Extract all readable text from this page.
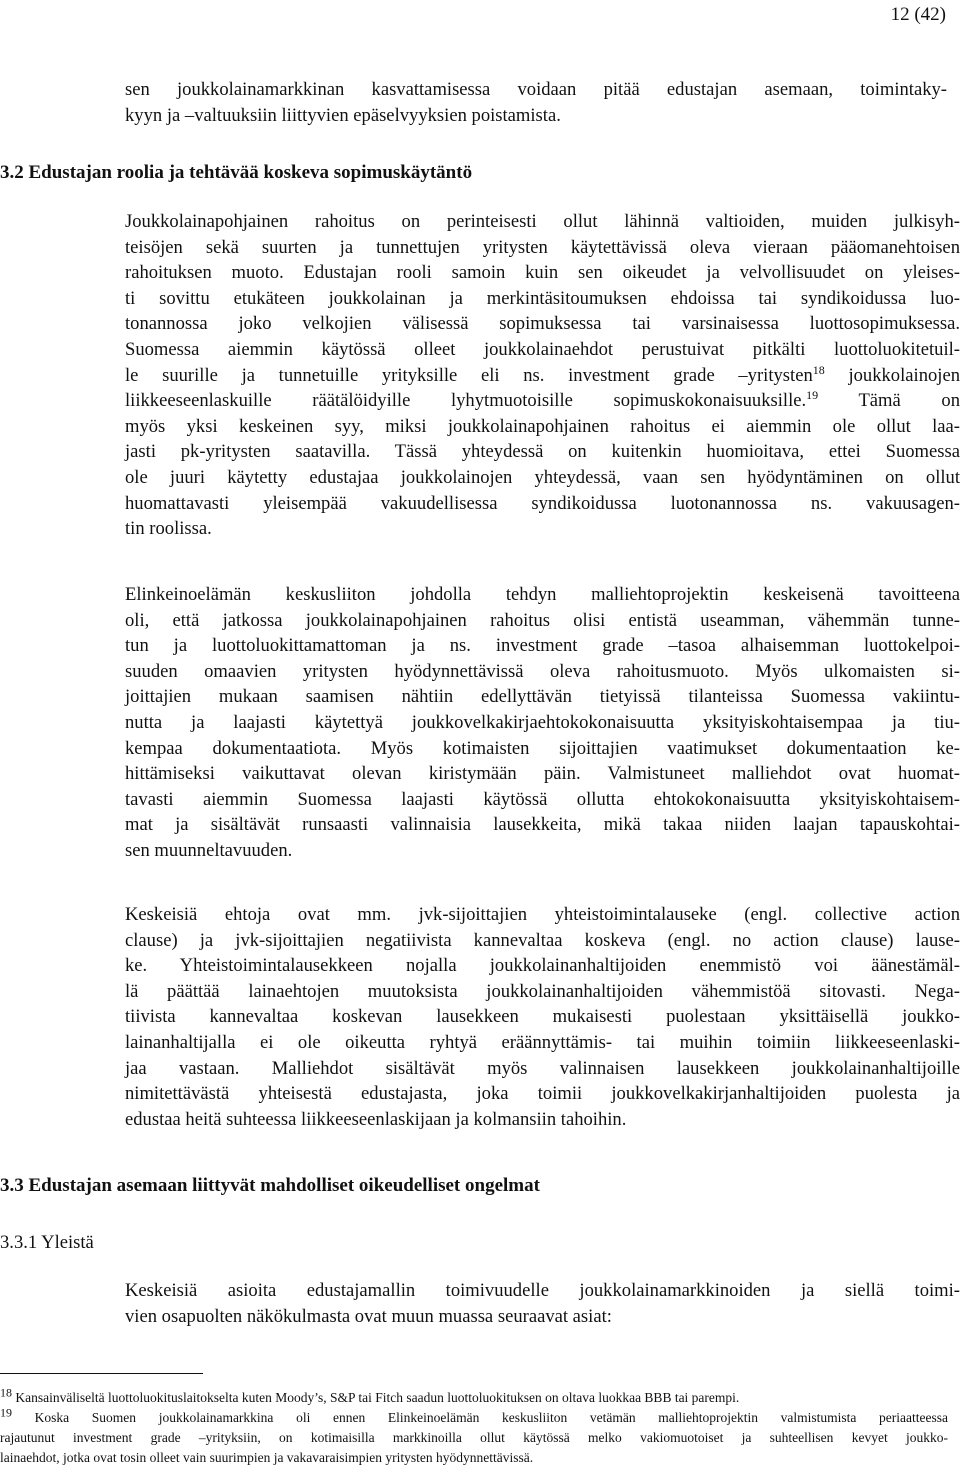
12 (42)
sen joukkolainamarkkinan kasvattamisessa voidaan pitää edustajan asemaan, toimintaky-
kyyn ja –valtuuksiin liittyvien epäselvyyksien poistamista.
3.2 Edustajan roolia ja tehtävää koskeva sopimuskäytäntö
Joukkolainapohjainen rahoitus on perinteisesti ollut lähinnä valtioiden, muiden julkisyh-
teisöjen sekä suurten ja tunnettujen yritysten käytettävissä oleva vieraan pääomanehtoisen
rahoituksen muoto. Edustajan rooli samoin kuin sen oikeudet ja velvollisuudet on yleises-
ti sovittu etukäteen joukkolainan ja merkintäsitoumuksen ehdoissa tai syndikoidussa luo-
tonannossa joko velkojien välisessä sopimuksessa tai varsinaisessa luottosopimuksessa.
Suomessa aiemmin käytössä olleet joukkolainaehdot perustuivat pitkälti luottoluokitetuil-
le suurille ja tunnetuille yrityksille eli ns. investment grade –yritysten$^{18}$ joukkolainojen
liikkeeseenlaskuille räätälöidyille lyhytmuotoisille sopimuskokonaisuuksille.$^{19}$ Tämä on
myös yksi keskeinen syy, miksi joukkolainapohjainen rahoitus ei aiemmin ole ollut laa-
jasti pk-yritysten saatavilla. Tässä yhteydessä on kuitenkin huomioitava, ettei Suomessa
ole juuri käytetty edustajaa joukkolainojen yhteydessä, vaan sen hyödyntäminen on ollut
huomattavasti yleisempää vakuudellisessa syndikoidussa luotonannossa ns. vakuusagen-
tin roolissa.
Elinkeinoelämän keskusliiton johdolla tehdyn malliehtoprojektin keskeisenä tavoitteena
oli, että jatkossa joukkolainapohjainen rahoitus olisi entistä useamman, vähemmän tunne-
tun ja luottoluokittamattoman ja ns. investment grade –tasoa alhaisemman luottokelpoi-
suuden omaavien yritysten hyödynnettävissä oleva rahoitusmuoto. Myös ulkomaisten si-
joittajien mukaan saamisen nähtiin edellyttävän tietyissä tilanteissa Suomessa vakiintu-
nutta ja laajasti käytettyä joukkovelkakirjaehtokokonaisuutta yksityiskohtaisempaa ja tiu-
kempaa dokumentaatiota. Myös kotimaisten sijoittajien vaatimukset dokumentaation ke-
hittämiseksi vaikuttavat olevan kiristymään päin. Valmistuneet malliehdot ovat huomat-
tavasti aiemmin Suomessa laajasti käytössä ollutta ehtokokonaisuutta yksityiskohtaisem-
mat ja sisältävät runsaasti valinnaisia lausekkeita, mikä takaa niiden laajan tapauskohtai-
sen muunneltavuuden.
Keskeisiä ehtoja ovat mm. jvk-sijoittajien yhteistoimintalauseke (engl. collective action
clause) ja jvk-sijoittajien negatiivista kannevaltaa koskeva (engl. no action clause) lause-
ke. Yhteistoimintalausekkeen nojalla joukkolainanhaltijoiden enemmistö voi äänestämäl-
lä päättää lainaehtojen muutoksista joukkolainanhaltijoiden vähemmistöä sitovasti. Nega-
tiivista kannevaltaa koskevan lausekkeen mukaisesti puolestaan yksittäisellä joukko-
lainanhaltijalla ei ole oikeutta ryhtyä eräännyttämis- tai muihin toimiin liikkeeseenlaski-
jaa vastaan. Malliehdot sisältävät myös valinnaisen lausekkeen joukkolainanhaltijoille
nimitettävästä yhteisestä edustajasta, joka toimii joukkovelkakirjanhaltijoiden puolesta ja
edustaa heitä suhteessa liikkeeseenlaskijaan ja kolmansiin tahoihin.
3.3 Edustajan asemaan liittyvät mahdolliset oikeudelliset ongelmat
3.3.1 Yleistä
Keskeisiä asioita edustajamallin toimivuudelle joukkolainamarkkinoiden ja siellä toimi-
vien osapuolten näkökulmasta ovat muun muassa seuraavat asiat:

$^{18}$ Kansainväliseltä luottoluokituslaitokselta kuten Moody’s, S&P tai Fitch saadun luottoluokituksen on oltava luokkaa BBB tai parempi.

$^{19}$ Koska Suomen joukkolainamarkkina oli ennen Elinkeinoelämän keskusliiton vetämän malliehtoprojektin valmistumista periaatteessa
rajautunut investment grade –yrityksiin, on kotimaisilla markkinoilla ollut käytössä melko vakiomuotoiset ja suhteellisen kevyet joukko-
lainaehdot, jotka ovat tosin olleet vain suurimpien ja vakavaraisimpien yritysten hyödynnettävissä.
